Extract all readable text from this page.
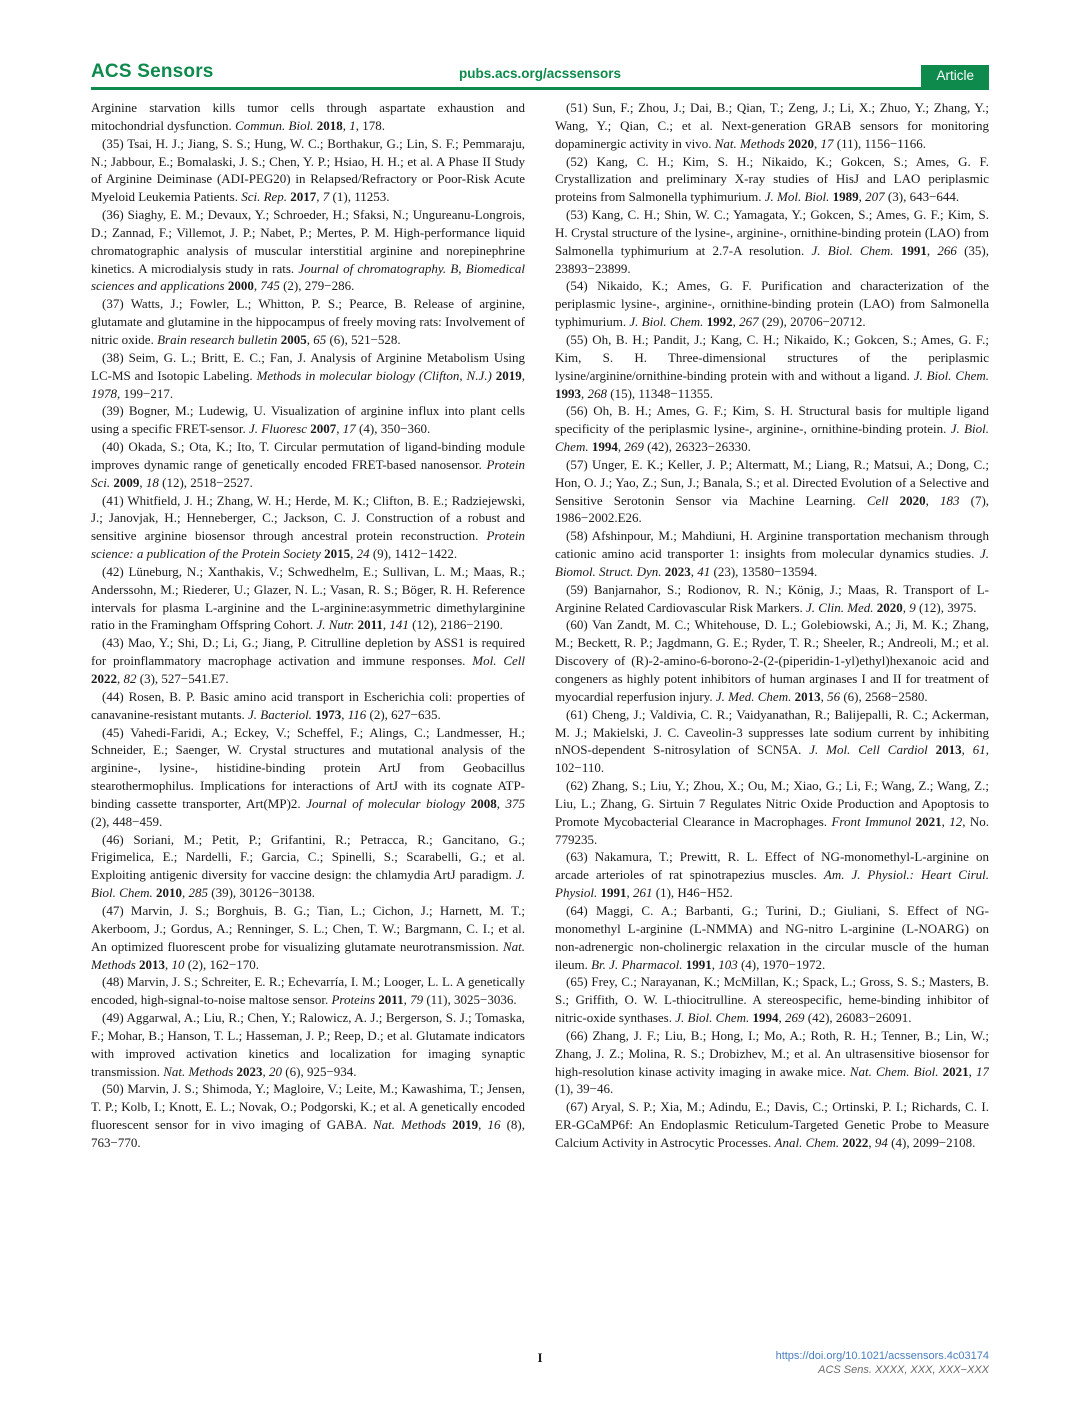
ACS Sensors	pubs.acs.org/acssensors	Article

Arginine starvation kills tumor cells through aspartate exhaustion and mitochondrial dysfunction. Commun. Biol. 2018, 1, 178.

(35) Tsai, H. J.; Jiang, S. S.; Hung, W. C.; Borthakur, G.; Lin, S. F.; Pemmaraju, N.; Jabbour, E.; Bomalaski, J. S.; Chen, Y. P.; Hsiao, H. H.; et al. A Phase II Study of Arginine Deiminase (ADI-PEG20) in Relapsed/Refractory or Poor-Risk Acute Myeloid Leukemia Patients. Sci. Rep. 2017, 7 (1), 11253.

(36) Siaghy, E. M.; Devaux, Y.; Schroeder, H.; Sfaksi, N.; Ungureanu-Longrois, D.; Zannad, F.; Villemot, J. P.; Nabet, P.; Mertes, P. M. High-performance liquid chromatographic analysis of muscular interstitial arginine and norepinephrine kinetics. A microdialysis study in rats. Journal of chromatography. B, Biomedical sciences and applications 2000, 745 (2), 279−286.

(37) Watts, J.; Fowler, L.; Whitton, P. S.; Pearce, B. Release of arginine, glutamate and glutamine in the hippocampus of freely moving rats: Involvement of nitric oxide. Brain research bulletin 2005, 65 (6), 521−528.

(38) Seim, G. L.; Britt, E. C.; Fan, J. Analysis of Arginine Metabolism Using LC-MS and Isotopic Labeling. Methods in molecular biology (Clifton, N.J.) 2019, 1978, 199−217.

(39) Bogner, M.; Ludewig, U. Visualization of arginine influx into plant cells using a specific FRET-sensor. J. Fluoresc 2007, 17 (4), 350−360.

(40) Okada, S.; Ota, K.; Ito, T. Circular permutation of ligand-binding module improves dynamic range of genetically encoded FRET-based nanosensor. Protein Sci. 2009, 18 (12), 2518−2527.

(41) Whitfield, J. H.; Zhang, W. H.; Herde, M. K.; Clifton, B. E.; Radziejewski, J.; Janovjak, H.; Henneberger, C.; Jackson, C. J. Construction of a robust and sensitive arginine biosensor through ancestral protein reconstruction. Protein science: a publication of the Protein Society 2015, 24 (9), 1412−1422.

(42) Lüneburg, N.; Xanthakis, V.; Schwedhelm, E.; Sullivan, L. M.; Maas, R.; Anderssohn, M.; Riederer, U.; Glazer, N. L.; Vasan, R. S.; Böger, R. H. Reference intervals for plasma L-arginine and the L-arginine:asymmetric dimethylarginine ratio in the Framingham Offspring Cohort. J. Nutr. 2011, 141 (12), 2186−2190.

(43) Mao, Y.; Shi, D.; Li, G.; Jiang, P. Citrulline depletion by ASS1 is required for proinflammatory macrophage activation and immune responses. Mol. Cell 2022, 82 (3), 527−541.E7.

(44) Rosen, B. P. Basic amino acid transport in Escherichia coli: properties of canavanine-resistant mutants. J. Bacteriol. 1973, 116 (2), 627−635.

(45) Vahedi-Faridi, A.; Eckey, V.; Scheffel, F.; Alings, C.; Landmesser, H.; Schneider, E.; Saenger, W. Crystal structures and mutational analysis of the arginine-, lysine-, histidine-binding protein ArtJ from Geobacillus stearothermophilus. Implications for interactions of ArtJ with its cognate ATP-binding cassette transporter, Art(MP)2. Journal of molecular biology 2008, 375 (2), 448−459.

(46) Soriani, M.; Petit, P.; Grifantini, R.; Petracca, R.; Gancitano, G.; Frigimelica, E.; Nardelli, F.; Garcia, C.; Spinelli, S.; Scarabelli, G.; et al. Exploiting antigenic diversity for vaccine design: the chlamydia ArtJ paradigm. J. Biol. Chem. 2010, 285 (39), 30126−30138.

(47) Marvin, J. S.; Borghuis, B. G.; Tian, L.; Cichon, J.; Harnett, M. T.; Akerboom, J.; Gordus, A.; Renninger, S. L.; Chen, T. W.; Bargmann, C. I.; et al. An optimized fluorescent probe for visualizing glutamate neurotransmission. Nat. Methods 2013, 10 (2), 162−170.

(48) Marvin, J. S.; Schreiter, E. R.; Echevarría, I. M.; Looger, L. L. A genetically encoded, high-signal-to-noise maltose sensor. Proteins 2011, 79 (11), 3025−3036.

(49) Aggarwal, A.; Liu, R.; Chen, Y.; Ralowicz, A. J.; Bergerson, S. J.; Tomaska, F.; Mohar, B.; Hanson, T. L.; Hasseman, J. P.; Reep, D.; et al. Glutamate indicators with improved activation kinetics and localization for imaging synaptic transmission. Nat. Methods 2023, 20 (6), 925−934.

(50) Marvin, J. S.; Shimoda, Y.; Magloire, V.; Leite, M.; Kawashima, T.; Jensen, T. P.; Kolb, I.; Knott, E. L.; Novak, O.; Podgorski, K.; et al. A genetically encoded fluorescent sensor for in vivo imaging of GABA. Nat. Methods 2019, 16 (8), 763−770.

(51) Sun, F.; Zhou, J.; Dai, B.; Qian, T.; Zeng, J.; Li, X.; Zhuo, Y.; Zhang, Y.; Wang, Y.; Qian, C.; et al. Next-generation GRAB sensors for monitoring dopaminergic activity in vivo. Nat. Methods 2020, 17 (11), 1156−1166.

(52) Kang, C. H.; Kim, S. H.; Nikaido, K.; Gokcen, S.; Ames, G. F. Crystallization and preliminary X-ray studies of HisJ and LAO periplasmic proteins from Salmonella typhimurium. J. Mol. Biol. 1989, 207 (3), 643−644.

(53) Kang, C. H.; Shin, W. C.; Yamagata, Y.; Gokcen, S.; Ames, G. F.; Kim, S. H. Crystal structure of the lysine-, arginine-, ornithine-binding protein (LAO) from Salmonella typhimurium at 2.7-A resolution. J. Biol. Chem. 1991, 266 (35), 23893−23899.

(54) Nikaido, K.; Ames, G. F. Purification and characterization of the periplasmic lysine-, arginine-, ornithine-binding protein (LAO) from Salmonella typhimurium. J. Biol. Chem. 1992, 267 (29), 20706−20712.

(55) Oh, B. H.; Pandit, J.; Kang, C. H.; Nikaido, K.; Gokcen, S.; Ames, G. F.; Kim, S. H. Three-dimensional structures of the periplasmic lysine/arginine/ornithine-binding protein with and without a ligand. J. Biol. Chem. 1993, 268 (15), 11348−11355.

(56) Oh, B. H.; Ames, G. F.; Kim, S. H. Structural basis for multiple ligand specificity of the periplasmic lysine-, arginine-, ornithine-binding protein. J. Biol. Chem. 1994, 269 (42), 26323−26330.

(57) Unger, E. K.; Keller, J. P.; Altermatt, M.; Liang, R.; Matsui, A.; Dong, C.; Hon, O. J.; Yao, Z.; Sun, J.; Banala, S.; et al. Directed Evolution of a Selective and Sensitive Serotonin Sensor via Machine Learning. Cell 2020, 183 (7), 1986−2002.E26.

(58) Afshinpour, M.; Mahdiuni, H. Arginine transportation mechanism through cationic amino acid transporter 1: insights from molecular dynamics studies. J. Biomol. Struct. Dyn. 2023, 41 (23), 13580−13594.

(59) Banjarnahor, S.; Rodionov, R. N.; König, J.; Maas, R. Transport of L-Arginine Related Cardiovascular Risk Markers. J. Clin. Med. 2020, 9 (12), 3975.

(60) Van Zandt, M. C.; Whitehouse, D. L.; Golebiowski, A.; Ji, M. K.; Zhang, M.; Beckett, R. P.; Jagdmann, G. E.; Ryder, T. R.; Sheeler, R.; Andreoli, M.; et al. Discovery of (R)-2-amino-6-borono-2-(2-(piperidin-1-yl)ethyl)hexanoic acid and congeners as highly potent inhibitors of human arginases I and II for treatment of myocardial reperfusion injury. J. Med. Chem. 2013, 56 (6), 2568−2580.

(61) Cheng, J.; Valdivia, C. R.; Vaidyanathan, R.; Balijepalli, R. C.; Ackerman, M. J.; Makielski, J. C. Caveolin-3 suppresses late sodium current by inhibiting nNOS-dependent S-nitrosylation of SCN5A. J. Mol. Cell Cardiol 2013, 61, 102−110.

(62) Zhang, S.; Liu, Y.; Zhou, X.; Ou, M.; Xiao, G.; Li, F.; Wang, Z.; Wang, Z.; Liu, L.; Zhang, G. Sirtuin 7 Regulates Nitric Oxide Production and Apoptosis to Promote Mycobacterial Clearance in Macrophages. Front Immunol 2021, 12, No. 779235.

(63) Nakamura, T.; Prewitt, R. L. Effect of NG-monomethyl-L-arginine on arcade arterioles of rat spinotrapezius muscles. Am. J. Physiol.: Heart Cirul. Physiol. 1991, 261 (1), H46−H52.

(64) Maggi, C. A.; Barbanti, G.; Turini, D.; Giuliani, S. Effect of NG-monomethyl L-arginine (L-NMMA) and NG-nitro L-arginine (L-NOARG) on non-adrenergic non-cholinergic relaxation in the circular muscle of the human ileum. Br. J. Pharmacol. 1991, 103 (4), 1970−1972.

(65) Frey, C.; Narayanan, K.; McMillan, K.; Spack, L.; Gross, S. S.; Masters, B. S.; Griffith, O. W. L-thiocitrulline. A stereospecific, heme-binding inhibitor of nitric-oxide synthases. J. Biol. Chem. 1994, 269 (42), 26083−26091.

(66) Zhang, J. F.; Liu, B.; Hong, I.; Mo, A.; Roth, R. H.; Tenner, B.; Lin, W.; Zhang, J. Z.; Molina, R. S.; Drobizhev, M.; et al. An ultrasensitive biosensor for high-resolution kinase activity imaging in awake mice. Nat. Chem. Biol. 2021, 17 (1), 39−46.

(67) Aryal, S. P.; Xia, M.; Adindu, E.; Davis, C.; Ortinski, P. I.; Richards, C. I. ER-GCaMP6f: An Endoplasmic Reticulum-Targeted Genetic Probe to Measure Calcium Activity in Astrocytic Processes. Anal. Chem. 2022, 94 (4), 2099−2108.

I	https://doi.org/10.1021/acssensors.4c03174
ACS Sens. XXXX, XXX, XXX−XXX
